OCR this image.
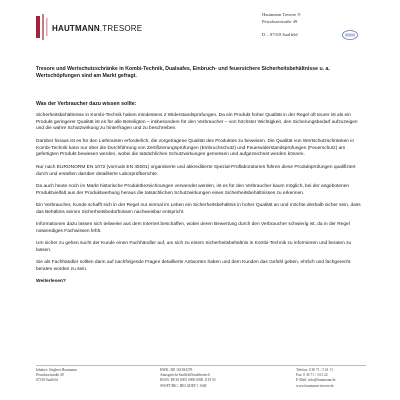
HAUTMANN.TRESORE
Hautmann Tresore ®
Pestalozzistraße 49
D – 07318 Saalfeld
Tresore und Wertschutzschränke in Kombi-Technik, Dualsafes, Einbruch- und feuersichere Sicherheitsbehältnisse u. a. Wertschöpfungen sind am Markt gefragt.
Was der Verbraucher dazu wissen sollte:
Sicherheitsbehältnisse in Kombi-Technik haben mindestens 2 Widerstandsprüfungen. Da ein Produkt hoher Qualität in der Regel oft teurer ist als ein Produkt geringerer Qualität ist es für alle Beteiligten – insbesondere für den Verbraucher – von höchster Wichtigkeit, den Sicherungsbedarf aufzuzeigen und die wahre Schutzwirkung zu hinterfragen und zu beschreiben.
Darüber hinaus ist es für den Lieferanten erforderlich, die vorgetragene Qualität des Produktes zu beweisen. Die Qualität von Wertschutzschränken in Kombi-Technik kann nur über die Durchführung von Zertifizierungsprüfungen (Einbruchschutz) und Feuerwiderstandsprüfungen (Feuerschutz) am gefertigten Produkt bewiesen werden, wobei die tatsächlichen Schutzwirkungen gemessen und aufgezeichnet werden können.
Nur nach EURONORM EN 1072 (vormals EN 45001) organisierte und akkreditierte Spezial-Prüflaboratorien führen diese Produktprüfungen qualifiziert durch und erstellen darüber detaillierte Laborprüfberichte.
Da auch heute noch im Markt historische Produktbezeichnungen verwendet werden, ist es für den Verbraucher kaum möglich, bei der angebotenen Produktvielfalt aus der Produktwerbung heraus die tatsächlichen Schutzwirkungen eines Sicherheitsbehältnisses zu erkennen.
Ein Verbraucher, Kunde schafft sich in der Regel nur einmal im Leben ein Sicherheitsbehältnis in hoher Qualität an und möchte deshalb sicher sein, dass das Behältnis seinen Sicherheitsbedürfnissen nachweisbar entspricht.
Informationen dazu lassen sich teilweise aus dem Internet beschaffen, wobei deren Bewertung durch den Verbraucher schwierig ist, da in der Regel notwendiges Fachwissen fehlt.
Um sicher zu gehen sucht der Kunde einen Fachhändler auf, um sich zu einem Sicherheitsbehältnis in Kombi-Technik zu informieren und beraten zu lassen.
Sie als Fachhändler sollten dann auf nachfolgende Fragen detaillierte Antworten haben und dem Kunden das Gefühl geben, ehrlich und fachgerecht beraten worden zu sein.
Inhaber: Siegbert Hautmann
Pestalozzistraße 49
07318 Saalfeld
HWK: DE 161384378
Amtsgericht Saalfeld/Saalebereich
IBAN: DE10 8305 0000 0000 1119 92
SWIFT/BIC: HELADEF 1 SAR
Telefon: 0 36 71 / 3 61 11
Fax: 0 36 71 / 3 61 22
E-Mail: info@hautmann.de
www.hautmann-tresore.de
Weiterlesen?
